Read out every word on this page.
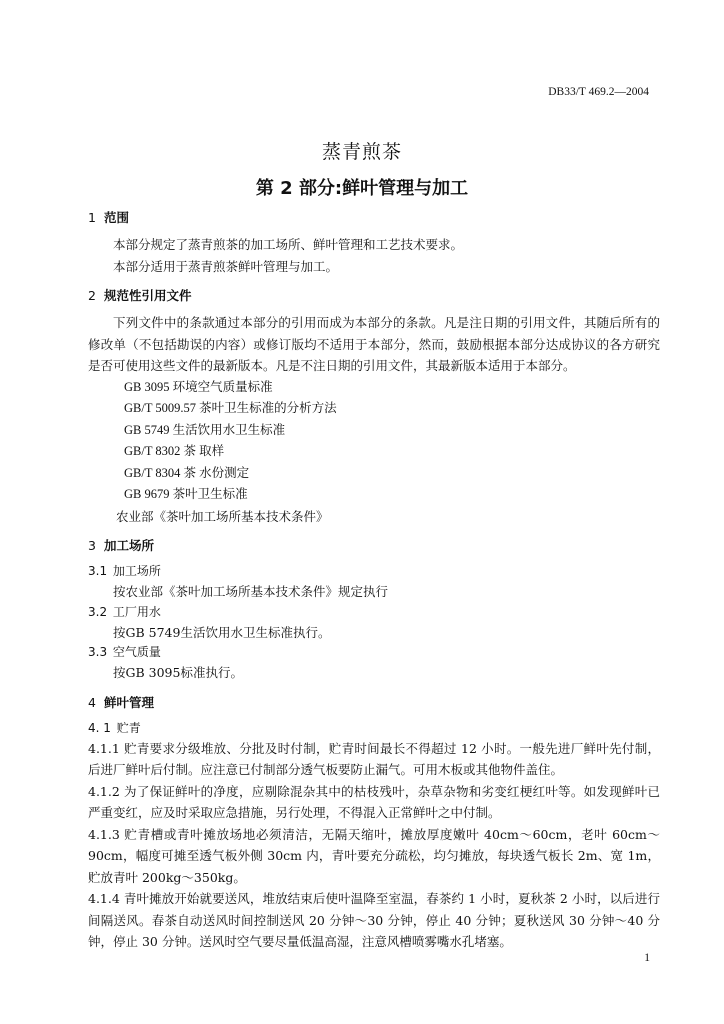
DB33/T 469.2—2004
蒸青煎茶
第 2 部分:鲜叶管理与加工
1 范围

本部分规定了蒸青煎茶的加工场所、鲜叶管理和工艺技术要求。

本部分适用于蒸青煎茶鲜叶管理与加工。

2 规范性引用文件

下列文件中的条款通过本部分的引用而成为本部分的条款。凡是注日期的引用文件，其随后所有的修改单（不包括勘误的内容）或修订版均不适用于本部分，然而，鼓励根据本部分达成协议的各方研究是否可使用这些文件的最新版本。凡是不注日期的引用文件，其最新版本适用于本部分。

GB 3095 环境空气质量标准

GB/T 5009.57 茶叶卫生标准的分析方法

GB 5749 生活饮用水卫生标准

GB/T 8302 茶 取样

GB/T 8304 茶 水份测定

GB 9679 茶叶卫生标准

农业部《茶叶加工场所基本技术条件》

3 加工场所
3.1 加工场所

按农业部《茶叶加工场所基本技术条件》规定执行

3.2 工厂用水

按GB 5749生活饮用水卫生标准执行。

3.3 空气质量

按GB 3095标准执行。

4 鲜叶管理
4. 1 贮青

4.1.1 贮青要求分级堆放、分批及时付制，贮青时间最长不得超过 12 小时。一般先进厂鲜叶先付制，后进厂鲜叶后付制。应注意已付制部分透气板要防止漏气。可用木板或其他物件盖住。

4.1.2 为了保证鲜叶的净度，应剔除混杂其中的枯枝残叶，杂草杂物和劣变红梗红叶等。如发现鲜叶已严重变红，应及时采取应急措施，另行处理，不得混入正常鲜叶之中付制。

4.1.3 贮青槽或青叶摊放场地必须清洁，无隔天缩叶，摊放厚度嫩叶 40cm～60cm，老叶 60cm～90cm，幅度可摊至透气板外侧 30cm 内，青叶要充分疏松，均匀摊放，每块透气板长 2m、宽 1m，贮放青叶 200kg～350kg。

4.1.4 青叶摊放开始就要送风，堆放结束后使叶温降至室温，春茶约 1 小时，夏秋茶 2 小时，以后进行间隔送风。春茶自动送风时间控制送风 20 分钟～30 分钟，停止 40 分钟；夏秋送风 30 分钟～40 分钟，停止 30 分钟。送风时空气要尽量低温高湿，注意风槽喷雾嘴水孔堵塞。

1
